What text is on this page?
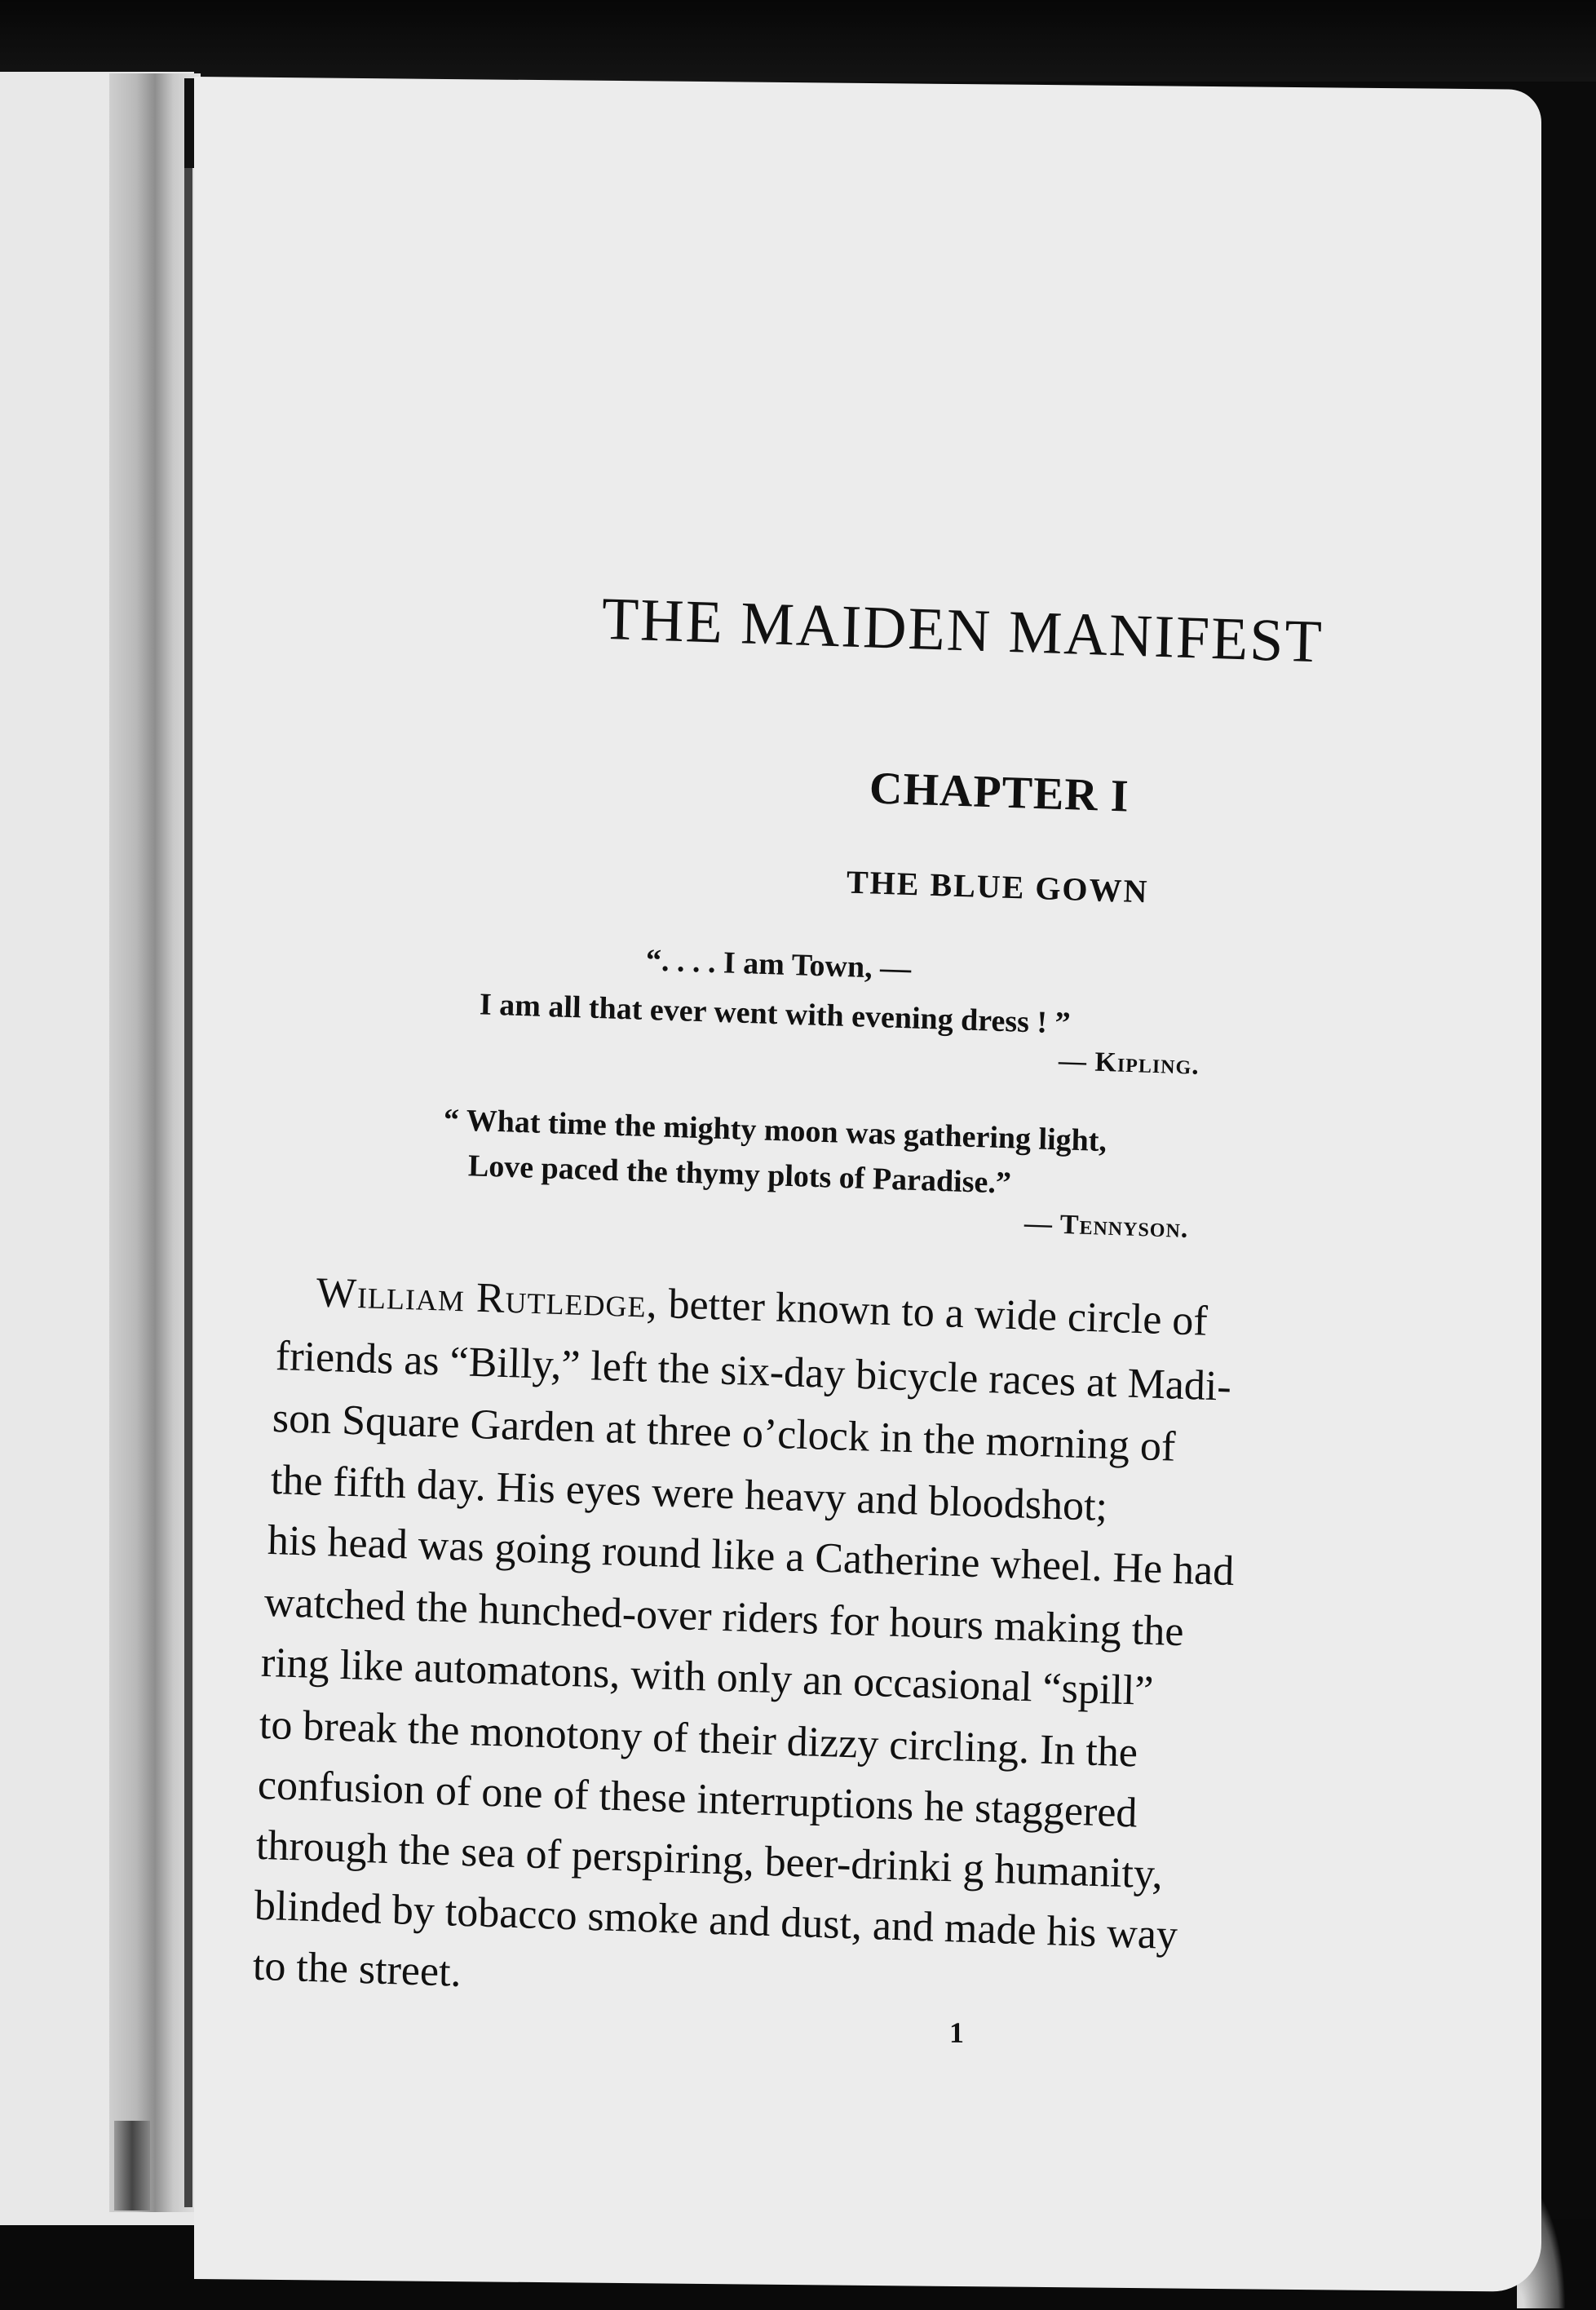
THE MAIDEN MANIFEST
CHAPTER I
THE BLUE GOWN
“. . . . I am Town, —
I am all that ever went with evening dress ! ”
— Kipling.
“ What time the mighty moon was gathering light,
Love paced the thymy plots of Paradise.”
— Tennyson.
William Rutledge, better known to a wide circle of
friends as “Billy,” left the six-day bicycle races at Madi-
son Square Garden at three o’clock in the morning of
the fifth day. His eyes were heavy and bloodshot;
his head was going round like a Catherine wheel. He had
watched the hunched-over riders for hours making the
ring like automatons, with only an occasional “spill”
to break the monotony of their dizzy circling. In the
confusion of one of these interruptions he staggered
through the sea of perspiring, beer-drinki g humanity,
blinded by tobacco smoke and dust, and made his way
to the street.
1
